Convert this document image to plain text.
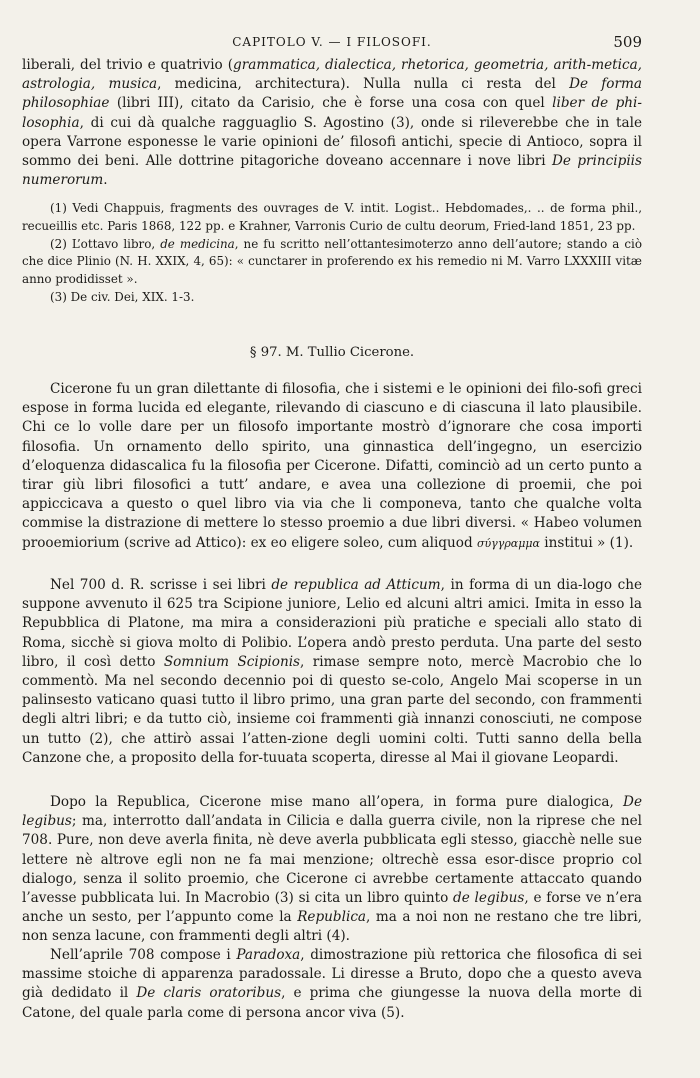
CAPITOLO V. — I FILOSOFI.	509

liberali, del trivio e quatrivio (grammatica, dialectica, rhetorica, geometria, arith-metica, astrologia, musica, medicina, architectura). Nulla nulla ci resta del De forma philosophiae (libri III), citato da Carisio, che è forse una cosa con quel liber de phi-losophia, di cui dà qualche ragguaglio S. Agostino (3), onde si rileverebbe che in tale opera Varrone esponesse le varie opinioni de’ filosofi antichi, specie di Antioco, sopra il sommo dei beni. Alle dottrine pitagoriche doveano accennare i nove libri De principiis numerorum.

(1) Vedi Chappuis, fragments des ouvrages de V. intit. Logist.. Hebdomades,. .. de forma phil., recueillis etc. Paris 1868, 122 pp. e Krahner, Varronis Curio de cultu deorum, Fried-land 1851, 23 pp.

(2) L’ottavo libro, de medicina, ne fu scritto nell’ottantesimoterzo anno dell’autore; stando a ciò che dice Plinio (N. H. XXIX, 4, 65): « cunctarer in proferendo ex his remedio ni M. Varro LXXXIII vitæ anno prodidisset ».

(3) De civ. Dei, XIX. 1-3.

§ 97. M. Tullio Cicerone.

Cicerone fu un gran dilettante di filosofia, che i sistemi e le opinioni dei filo-sofi greci espose in forma lucida ed elegante, rilevando di ciascuno e di ciascuna il lato plausibile. Chi ce lo volle dare per un filosofo importante mostrò d’ignorare che cosa importi filosofia. Un ornamento dello spirito, una ginnastica dell’ingegno, un esercizio d’eloquenza didascalica fu la filosofia per Cicerone. Difatti, cominciò ad un certo punto a tirar giù libri filosofici a tutt’ andare, e avea una collezione di proemii, che poi appiccicava a questo o quel libro via via che li componeva, tanto che qualche volta commise la distrazione di mettere lo stesso proemio a due libri diversi. « Habeo volumen prooemiorium (scrive ad Attico): ex eo eligere soleo, cum aliquod σύγγραμμα institui » (1).

Nel 700 d. R. scrisse i sei libri de republica ad Atticum, in forma di un dia-logo che suppone avvenuto il 625 tra Scipione juniore, Lelio ed alcuni altri amici. Imita in esso la Repubblica di Platone, ma mira a considerazioni più pratiche e speciali allo stato di Roma, sicchè si giova molto di Polibio. L’opera andò presto perduta. Una parte del sesto libro, il così detto Somnium Scipionis, rimase sempre noto, mercè Macrobio che lo commentò. Ma nel secondo decennio poi di questo se-colo, Angelo Mai scoperse in un palinsesto vaticano quasi tutto il libro primo, una gran parte del secondo, con frammenti degli altri libri; e da tutto ciò, insieme coi frammenti già innanzi conosciuti, ne compose un tutto (2), che attirò assai l’atten-zione degli uomini colti. Tutti sanno della bella Canzone che, a proposito della for-tuuata scoperta, diresse al Mai il giovane Leopardi.

Dopo la Republica, Cicerone mise mano all’opera, in forma pure dialogica, De legibus; ma, interrotto dall’andata in Cilicia e dalla guerra civile, non la riprese che nel 708. Pure, non deve averla finita, nè deve averla pubblicata egli stesso, giacchè nelle sue lettere nè altrove egli non ne fa mai menzione; oltrechè essa esor-disce proprio col dialogo, senza il solito proemio, che Cicerone ci avrebbe certamente attaccato quando l’avesse pubblicata lui. In Macrobio (3) si cita un libro quinto de legibus, e forse ve n’era anche un sesto, per l’appunto come la Republica, ma a noi non ne restano che tre libri, non senza lacune, con frammenti degli altri (4).

Nell’aprile 708 compose i Paradoxa, dimostrazione più rettorica che filosofica di sei massime stoiche di apparenza paradossale. Li diresse a Bruto, dopo che a questo aveva già dedidato il De claris oratoribus, e prima che giungesse la nuova della morte di Catone, del quale parla come di persona ancor viva (5).
